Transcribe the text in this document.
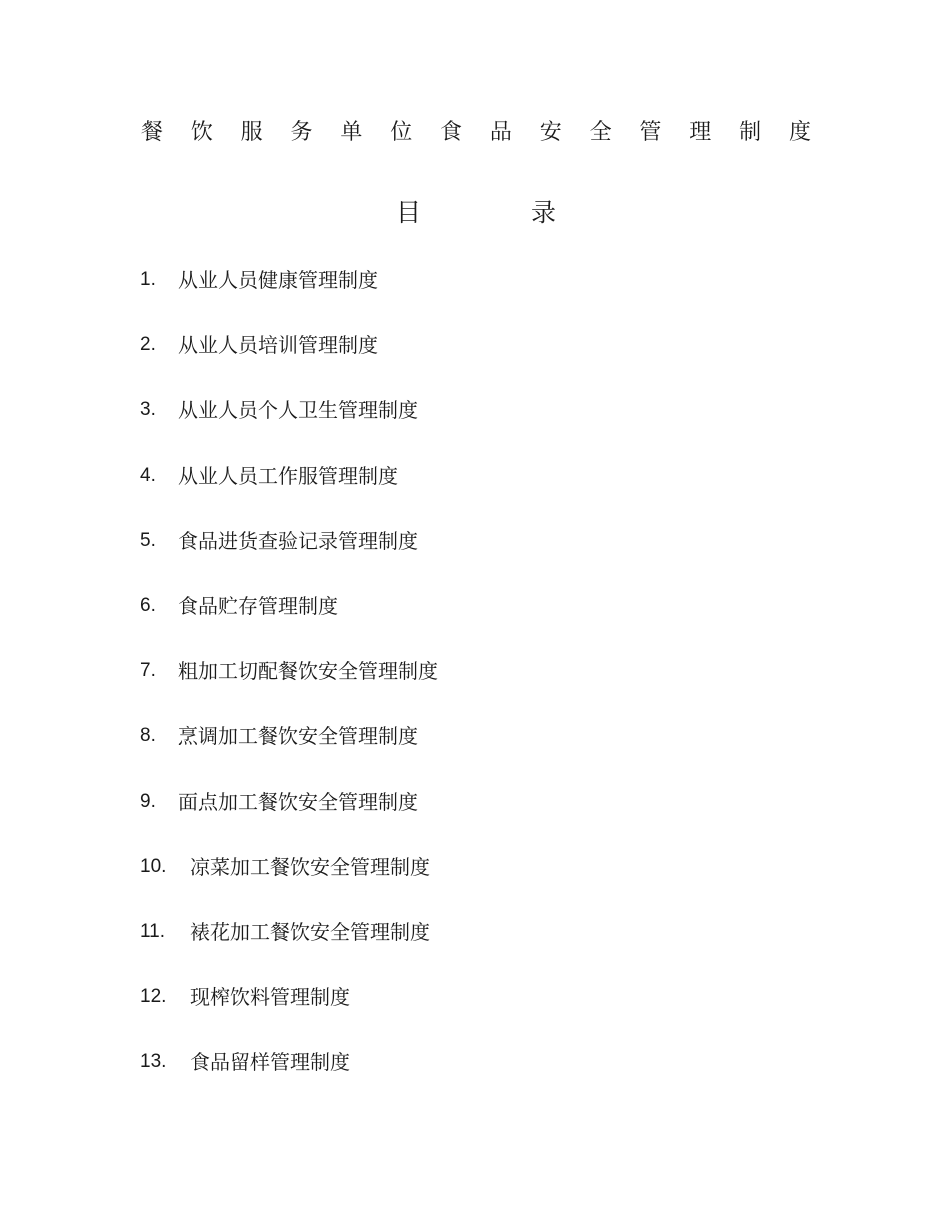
餐 饮 服 务 单 位 食 品 安 全 管 理 制 度
目	录
1.	从业人员健康管理制度
2.	从业人员培训管理制度
3.	从业人员个人卫生管理制度
4.	从业人员工作服管理制度
5.	食品进货查验记录管理制度
6.	食品贮存管理制度
7.	粗加工切配餐饮安全管理制度
8.	烹调加工餐饮安全管理制度
9.	面点加工餐饮安全管理制度
10.	凉菜加工餐饮安全管理制度
11.	裱花加工餐饮安全管理制度
12.	现榨饮料管理制度
13.	食品留样管理制度
